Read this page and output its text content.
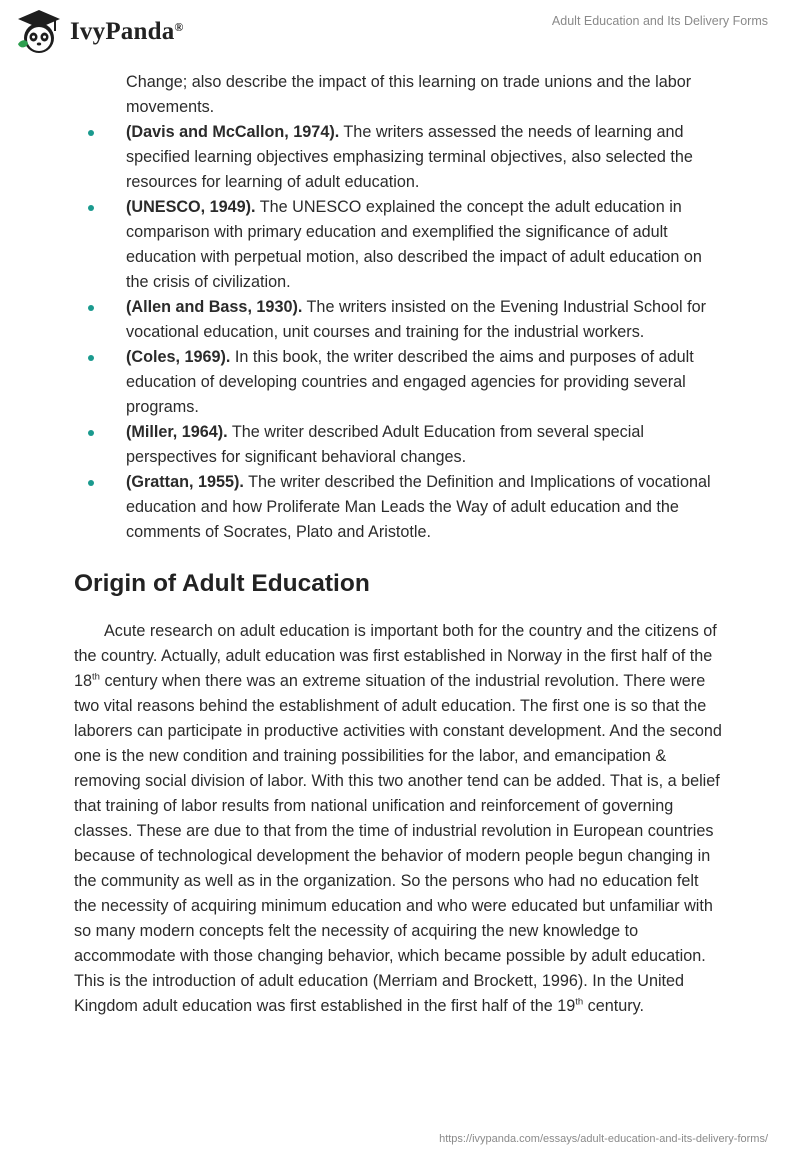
IvyPanda®	Adult Education and Its Delivery Forms

Change; also describe the impact of this learning on trade unions and the labor movements.

(Davis and McCallon, 1974). The writers assessed the needs of learning and specified learning objectives emphasizing terminal objectives, also selected the resources for learning of adult education.
(UNESCO, 1949). The UNESCO explained the concept the adult education in comparison with primary education and exemplified the significance of adult education with perpetual motion, also described the impact of adult education on the crisis of civilization.
(Allen and Bass, 1930). The writers insisted on the Evening Industrial School for vocational education, unit courses and training for the industrial workers.
(Coles, 1969). In this book, the writer described the aims and purposes of adult education of developing countries and engaged agencies for providing several programs.
(Miller, 1964). The writer described Adult Education from several special perspectives for significant behavioral changes.
(Grattan, 1955). The writer described the Definition and Implications of vocational education and how Proliferate Man Leads the Way of adult education and the comments of Socrates, Plato and Aristotle.
Origin of Adult Education

Acute research on adult education is important both for the country and the citizens of the country. Actually, adult education was first established in Norway in the first half of the 18th century when there was an extreme situation of the industrial revolution. There were two vital reasons behind the establishment of adult education. The first one is so that the laborers can participate in productive activities with constant development. And the second one is the new condition and training possibilities for the labor, and emancipation & removing social division of labor. With this two another tend can be added. That is, a belief that training of labor results from national unification and reinforcement of governing classes. These are due to that from the time of industrial revolution in European countries because of technological development the behavior of modern people begun changing in the community as well as in the organization. So the persons who had no education felt the necessity of acquiring minimum education and who were educated but unfamiliar with so many modern concepts felt the necessity of acquiring the new knowledge to accommodate with those changing behavior, which became possible by adult education. This is the introduction of adult education (Merriam and Brockett, 1996). In the United Kingdom adult education was first established in the first half of the 19th century.

https://ivypanda.com/essays/adult-education-and-its-delivery-forms/
